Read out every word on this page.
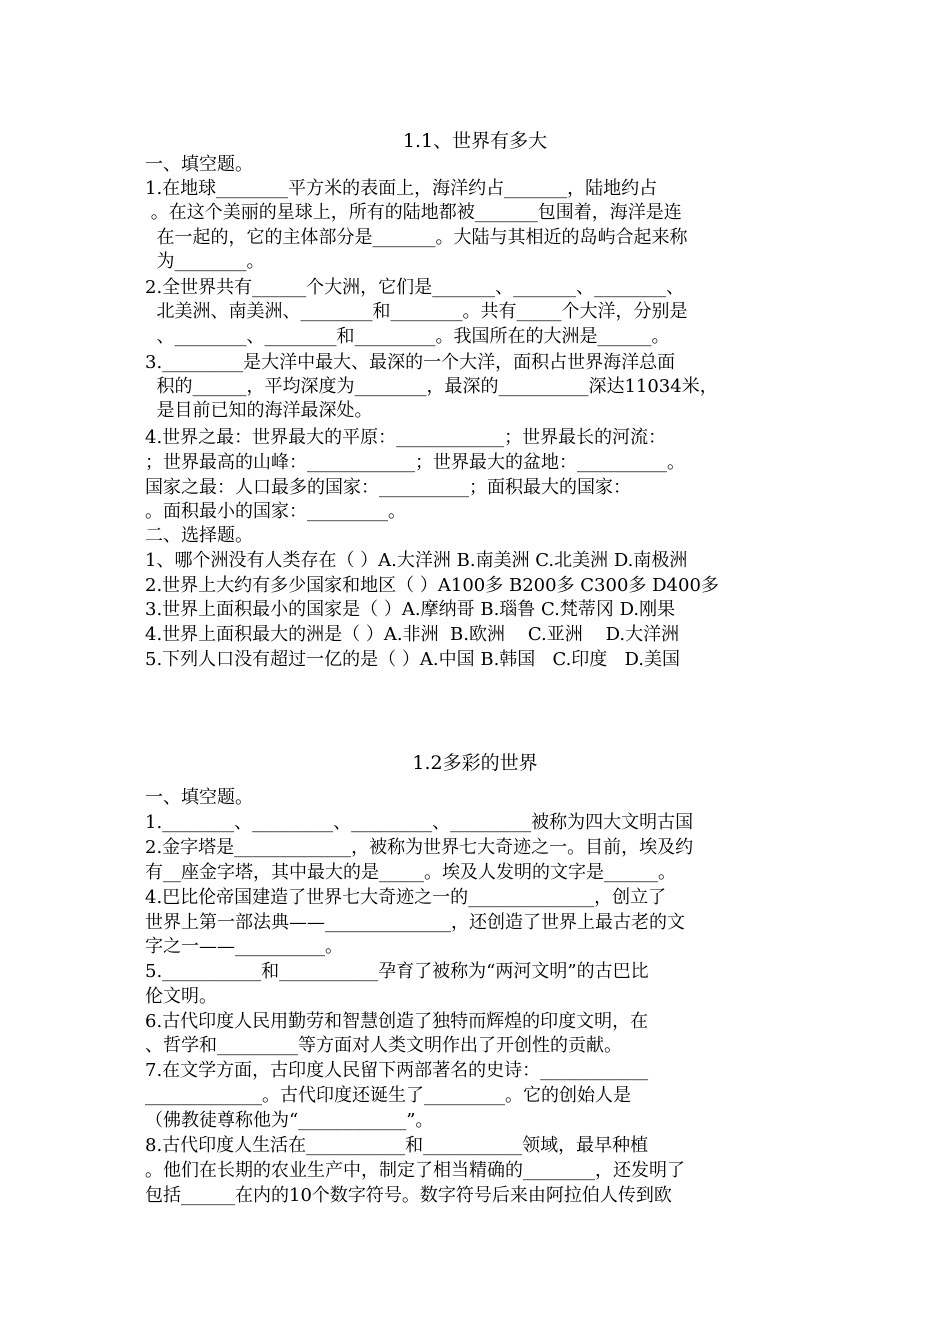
1.1、世界有多大
一、填空题。
1.在地球________平方米的表面上，海洋约占_______，陆地约占
。在这个美丽的星球上，所有的陆地都被_______包围着，海洋是连
在一起的，它的主体部分是_______。大陆与其相近的岛屿合起来称
为________。
2.全世界共有______个大洲，它们是_______、_______、________、
北美洲、南美洲、________和________。共有_____个大洋，分别是
、________、________和_________。我国所在的大洲是______。
3._________是大洋中最大、最深的一个大洋，面积占世界海洋总面
积的______，平均深度为________，最深的__________深达11034米，
是目前已知的海洋最深处。
4.世界之最：世界最大的平原：____________；世界最长的河流：
；世界最高的山峰：____________；世界最大的盆地：__________。
国家之最：人口最多的国家：__________；面积最大的国家：
。面积最小的国家：_________。
二、选择题。
1、哪个洲没有人类存在（ ）A.大洋洲 B.南美洲 C.北美洲 D.南极洲
2.世界上大约有多少国家和地区（ ）A100多 B200多 C300多 D400多
3.世界上面积最小的国家是（ ）A.摩纳哥 B.瑙鲁 C.梵蒂冈 D.刚果
4.世界上面积最大的洲是（ ）A.非洲  B.欧洲    C.亚洲    D.大洋洲
5.下列人口没有超过一亿的是（ ）A.中国 B.韩国   C.印度   D.美国
1.2多彩的世界
一、填空题。
1.________、_________、_________、_________被称为四大文明古国
2.金字塔是_____________，被称为世界七大奇迹之一。目前，埃及约
有__座金字塔，其中最大的是_____。埃及人发明的文字是______。
4.巴比伦帝国建造了世界七大奇迹之一的______________，创立了
世界上第一部法典——______________，还创造了世界上最古老的文
字之一——__________。
5.___________和___________孕育了被称为“两河文明”的古巴比
伦文明。
6.古代印度人民用勤劳和智慧创造了独特而辉煌的印度文明，在
、哲学和_________等方面对人类文明作出了开创性的贡献。
7.在文学方面，古印度人民留下两部著名的史诗：____________
_____________。古代印度还诞生了_________。它的创始人是
（佛教徒尊称他为“____________”。
8.古代印度人生活在___________和___________领域，最早种植
。他们在长期的农业生产中，制定了相当精确的________，还发明了
包括______在内的10个数字符号。数字符号后来由阿拉伯人传到欧
